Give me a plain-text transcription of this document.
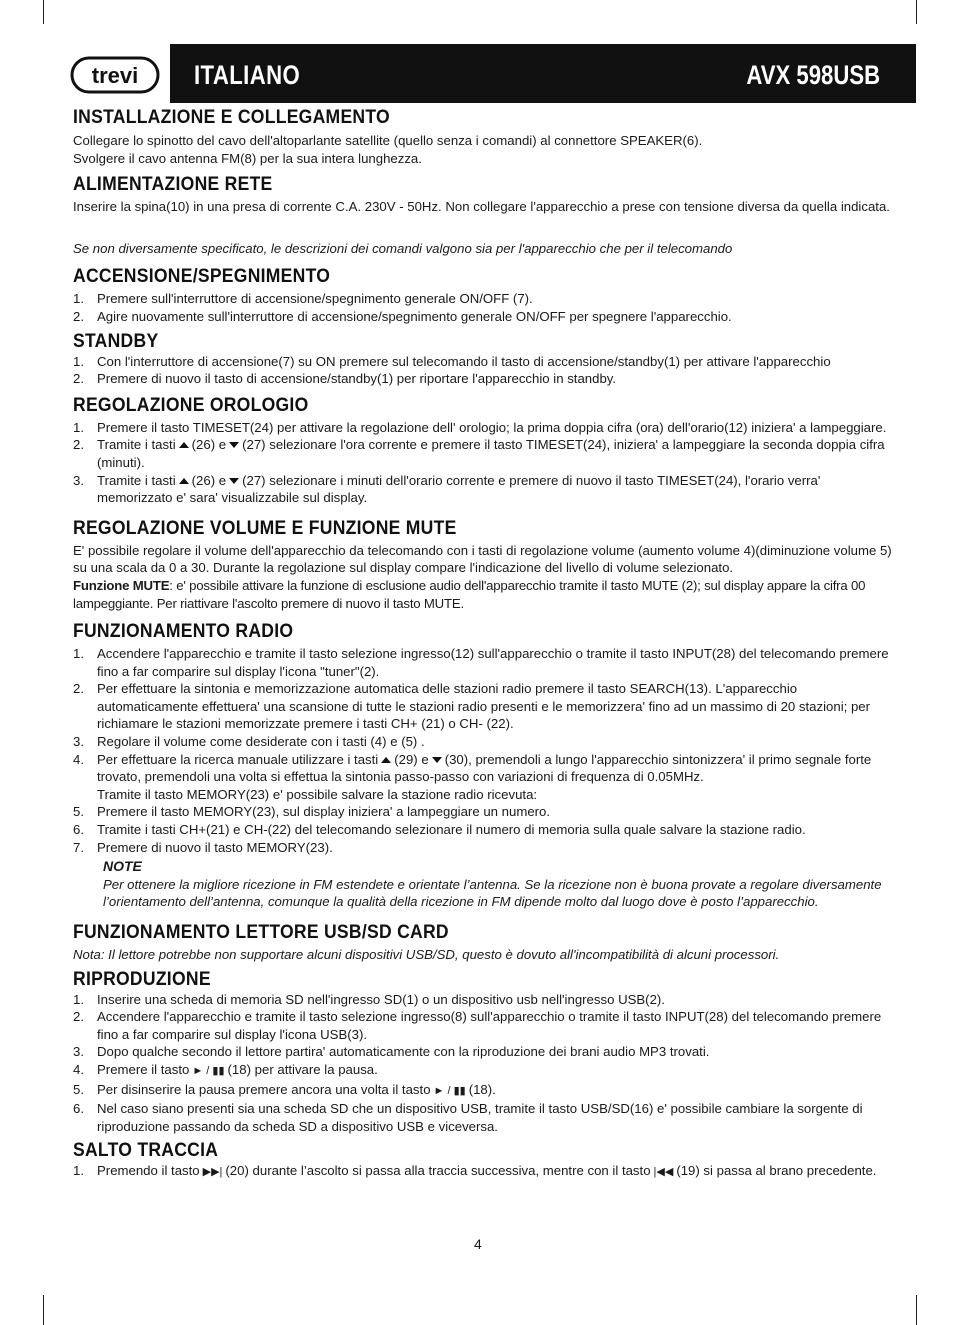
trevi ITALIANO	AVX 598USB
INSTALLAZIONE E COLLEGAMENTO

Collegare lo spinotto del cavo dell'altoparlante satellite (quello senza i comandi) al connettore SPEAKER(6).

Svolgere il cavo antenna FM(8) per la sua intera lunghezza.

ALIMENTAZIONE RETE

Inserire la spina(10) in una presa di corrente C.A. 230V - 50Hz. Non collegare l'apparecchio a prese con tensione diversa da quella indicata.

Se non diversamente specificato, le descrizioni dei comandi valgono sia per l'apparecchio che per il telecomando

ACCENSIONE/SPEGNIMENTO
1. Premere sull'interruttore di accensione/spegnimento generale ON/OFF (7).
2. Agire nuovamente sull'interruttore di accensione/spegnimento generale ON/OFF per spegnere l'apparecchio.
STANDBY
1. Con l'interruttore di accensione(7) su ON premere sul telecomando il tasto di accensione/standby(1) per attivare l'apparecchio
2. Premere di nuovo il tasto di accensione/standby(1) per riportare l'apparecchio in standby.
REGOLAZIONE OROLOGIO
1. Premere il tasto TIMESET(24) per attivare la regolazione dell' orologio; la prima doppia cifra (ora) dell'orario(12) iniziera' a lampeggiare.
2. Tramite i tasti (26) e (27) selezionare l'ora corrente e premere il tasto TIMESET(24), iniziera' a lampeggiare la seconda doppia cifra (minuti).
3. Tramite i tasti (26) e (27) selezionare i minuti dell'orario corrente e premere di nuovo il tasto TIMESET(24), l'orario verra' memorizzato e' sara' visualizzabile sul display.
REGOLAZIONE VOLUME E FUNZIONE MUTE

E' possibile regolare il volume dell'apparecchio da telecomando con i tasti di regolazione volume (aumento volume 4)(diminuzione volume 5) su una scala da 0 a 30. Durante la regolazione sul display compare l'indicazione del livello di volume selezionato.

Funzione MUTE: e' possibile attivare la funzione di esclusione audio dell'apparecchio tramite il tasto MUTE (2); sul display appare la cifra 00 lampeggiante. Per riattivare l'ascolto premere di nuovo il tasto MUTE.

FUNZIONAMENTO RADIO
1. Accendere l'apparecchio e tramite il tasto selezione ingresso(12) sull'apparecchio o tramite il tasto INPUT(28) del telecomando premere fino a far comparire sul display l'icona "tuner"(2).
2. Per effettuare la sintonia e memorizzazione automatica delle stazioni radio premere il tasto SEARCH(13). L'apparecchio automaticamente effettuera' una scansione di tutte le stazioni radio presenti e le memorizzera' fino ad un massimo di 20 stazioni; per richiamare le stazioni memorizzate premere i tasti CH+ (21) o CH- (22).
3. Regolare il volume come desiderate con i tasti (4) e (5) .
4. Per effettuare la ricerca manuale utilizzare i tasti (29) e (30), premendoli a lungo l'apparecchio sintonizzera' il primo segnale forte trovato, premendoli una volta si effettua la sintonia passo-passo con variazioni di frequenza di 0.05MHz.
Tramite il tasto MEMORY(23) e' possibile salvare la stazione radio ricevuta:
5. Premere il tasto MEMORY(23), sul display iniziera' a lampeggiare un numero.
6. Tramite i tasti CH+(21) e CH-(22) del telecomando selezionare il numero di memoria sulla quale salvare la stazione radio.
7. Premere di nuovo il tasto MEMORY(23).

NOTE

Per ottenere la migliore ricezione in FM estendete e orientate l’antenna. Se la ricezione non è buona provate a regolare diversamente l’orientamento dell’antenna, comunque la qualità della ricezione in FM dipende molto dal luogo dove è posto l’apparecchio.

FUNZIONAMENTO LETTORE USB/SD CARD

Nota: Il lettore potrebbe non supportare alcuni dispositivi USB/SD, questo è dovuto all'incompatibilità di alcuni processori.

RIPRODUZIONE
1. Inserire una scheda di memoria SD nell'ingresso SD(1) o un dispositivo usb nell'ingresso USB(2).
2. Accendere l'apparecchio e tramite il tasto selezione ingresso(8) sull'apparecchio o tramite il tasto INPUT(28) del telecomando premere fino a far comparire sul display l'icona USB(3).
3. Dopo qualche secondo il lettore partira' automaticamente con la riproduzione dei brani audio MP3 trovati.
4. Premere il tasto ► / ▮▮ (18) per attivare la pausa.
5. Per disinserire la pausa premere ancora una volta il tasto ► / ▮▮ (18).
6. Nel caso siano presenti sia una scheda SD che un dispositivo USB, tramite il tasto USB/SD(16) e' possibile cambiare la sorgente di riproduzione passando da scheda SD a dispositivo USB e viceversa.
SALTO TRACCIA
1. Premendo il tasto ▶▶| (20) durante l’ascolto si passa alla traccia successiva, mentre con il tasto |◀◀ (19) si passa al brano precedente.
4
